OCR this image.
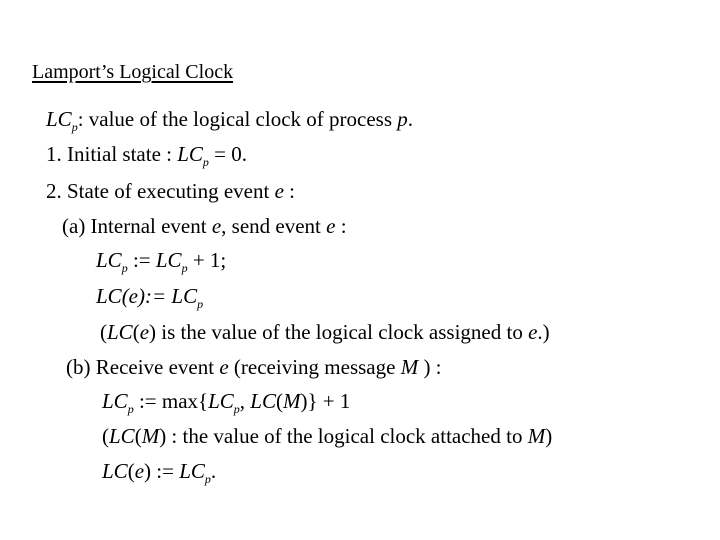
Lamport’s Logical Clock
$LC_p$: value of the logical clock of process p.
1. Initial state : $LC_p = 0$.
2. State of executing event e :
(a) Internal event e, send event e :
$LC_p$ := $LC_p + 1$;
LC(e):= $LC_p$
(LC(e) is the value of the logical clock assigned to e.)
(b) Receive event e (receiving message M ) :
$LC_p$ := $\max\{LC_p$, LC(M)} + 1
(LC(M) : the value of the logical clock attached to M)
LC(e) := $LC_p$.
